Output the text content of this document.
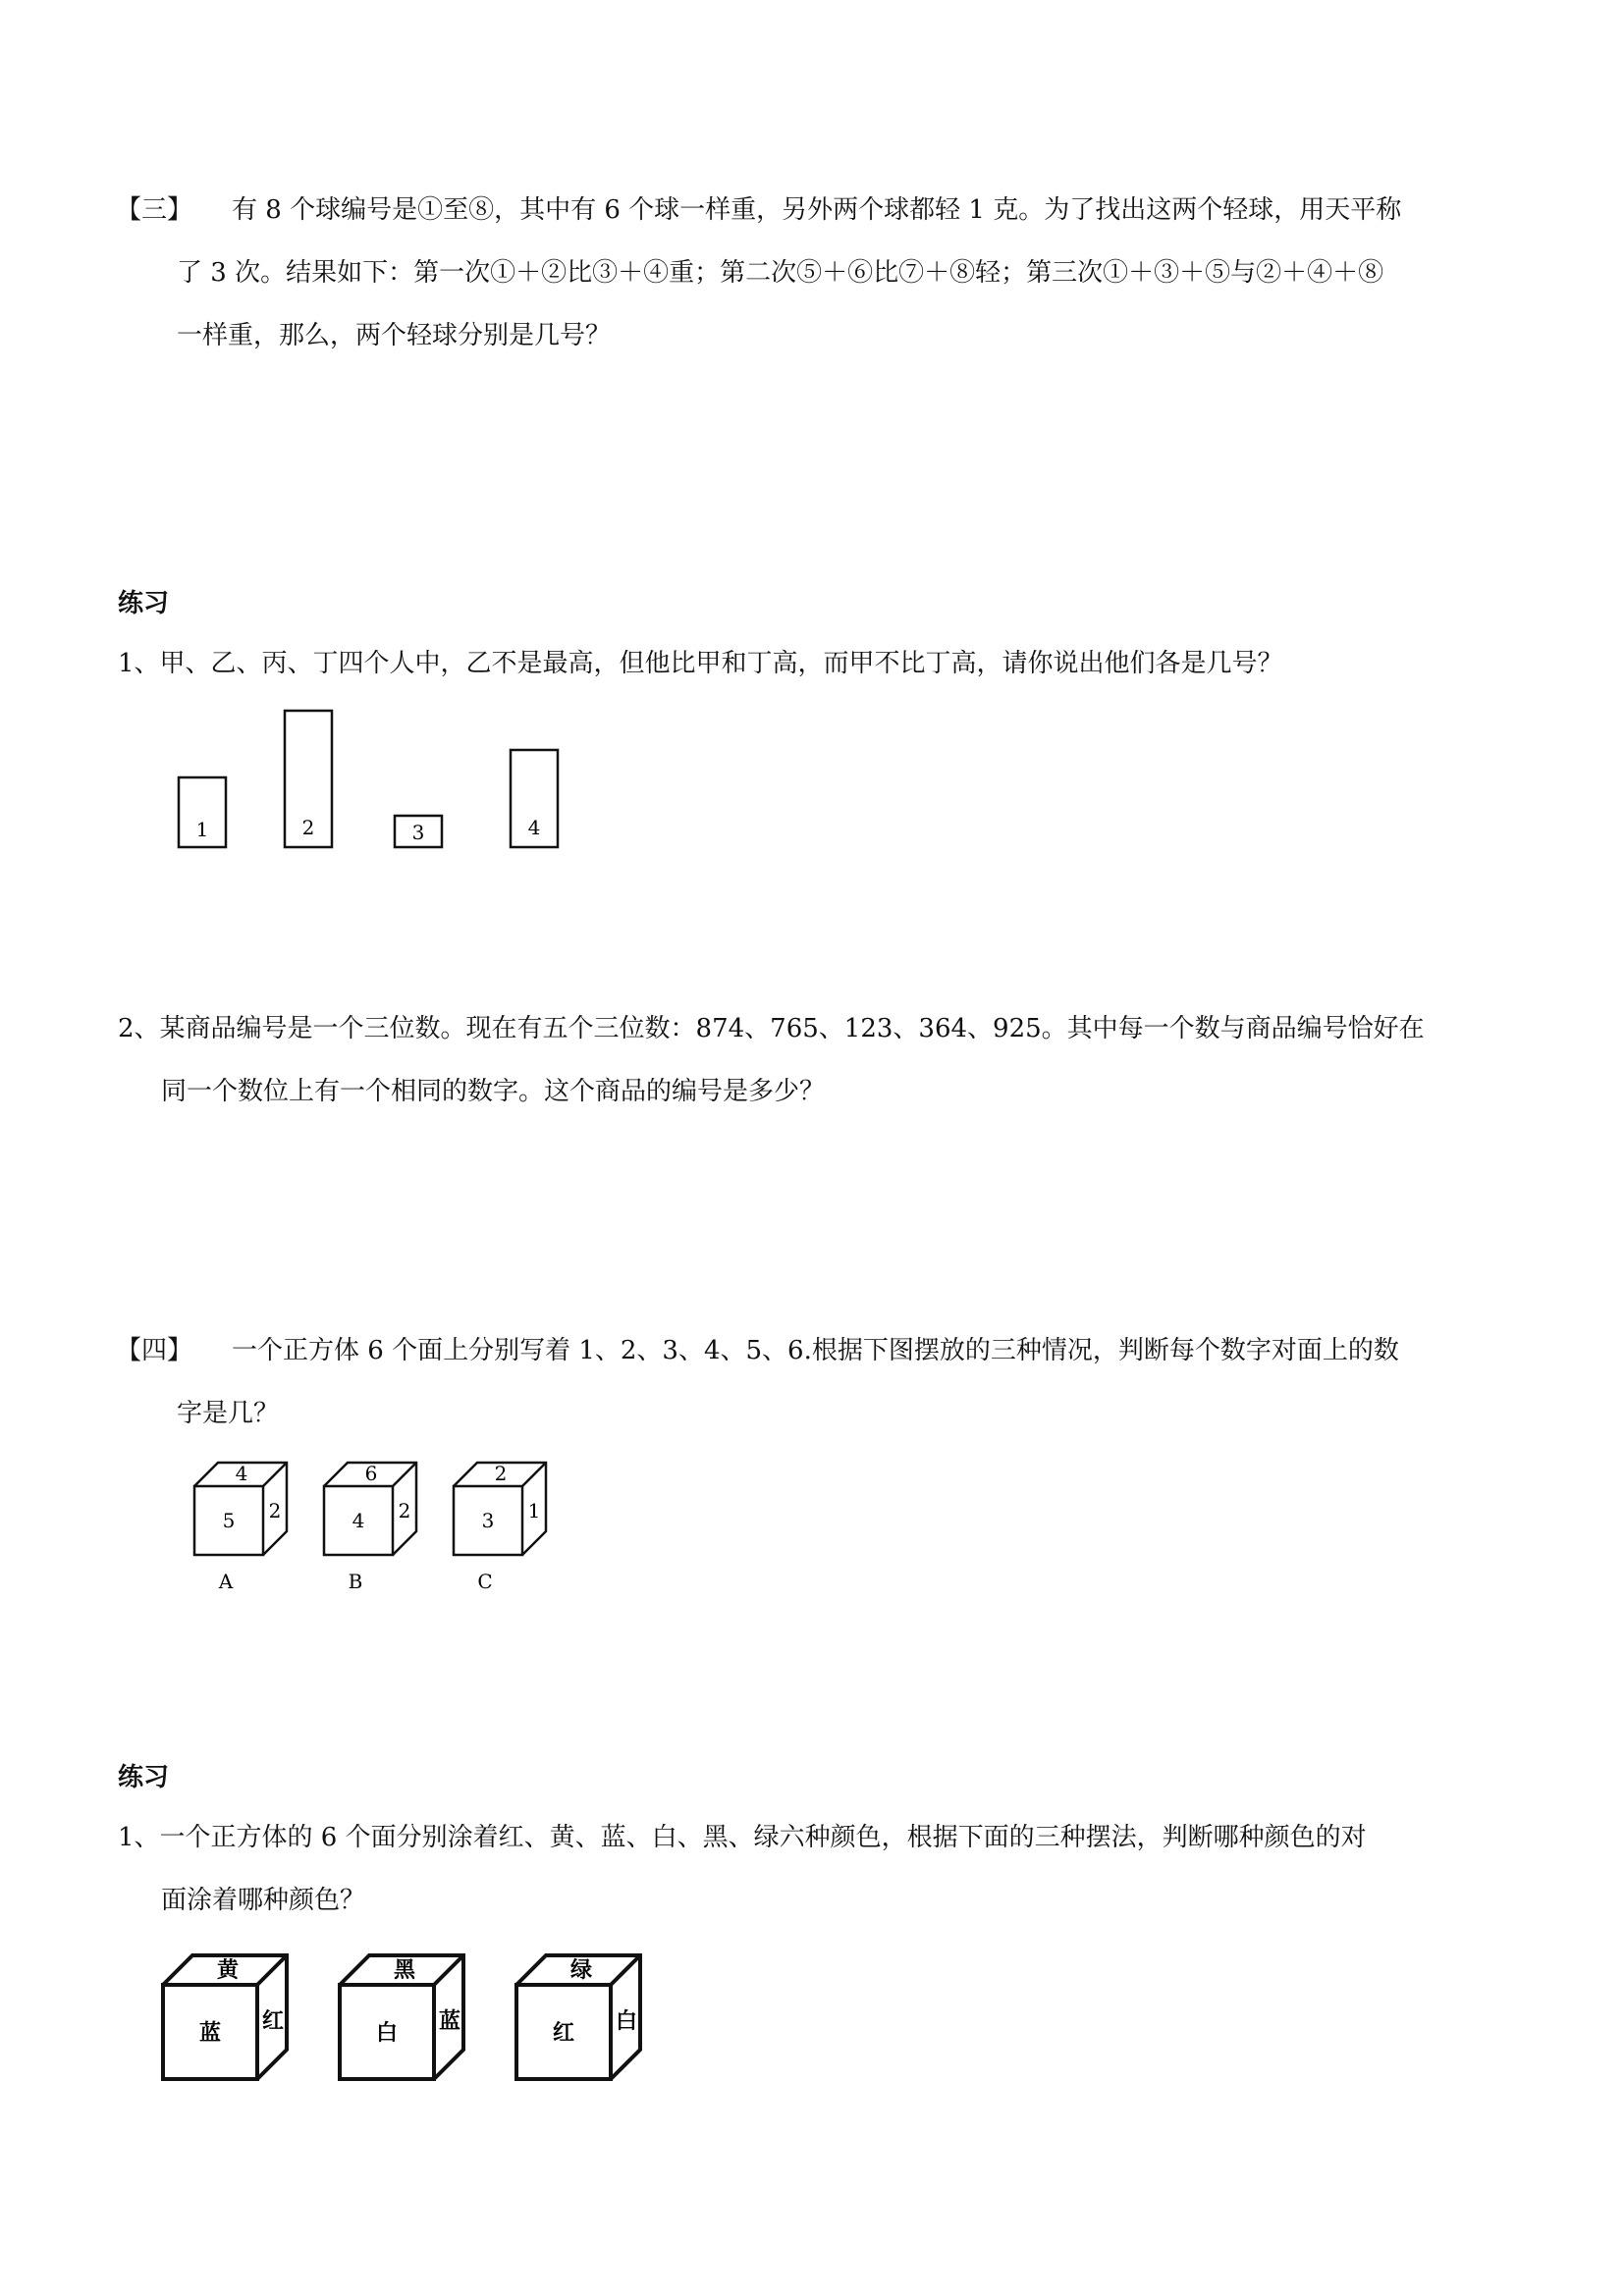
【三】 有 8 个球编号是①至⑧，其中有 6 个球一样重，另外两个球都轻 1 克。为了找出这两个轻球，用天平称
了 3 次。结果如下：第一次①＋②比③＋④重；第二次⑤＋⑥比⑦＋⑧轻；第三次①＋③＋⑤与②＋④＋⑧
一样重，那么，两个轻球分别是几号？
练习
1、甲、乙、丙、丁四个人中，乙不是最高，但他比甲和丁高，而甲不比丁高，请你说出他们各是几号？
1	2	3	4
2、某商品编号是一个三位数。现在有五个三位数：874、765、123、364、925。其中每一个数与商品编号恰好在
同一个数位上有一个相同的数字。这个商品的编号是多少？
【四】 一个正方体 6 个面上分别写着 1、2、3、4、5、6.根据下图摆放的三种情况，判断每个数字对面上的数
字是几？
4
5 2
A
6
4 2
B
2
3 1
C
练习
1、一个正方体的 6 个面分别涂着红、黄、蓝、白、黑、绿六种颜色，根据下面的三种摆法，判断哪种颜色的对
面涂着哪种颜色？
黄
蓝 红
黑
白 蓝
绿
红 白
